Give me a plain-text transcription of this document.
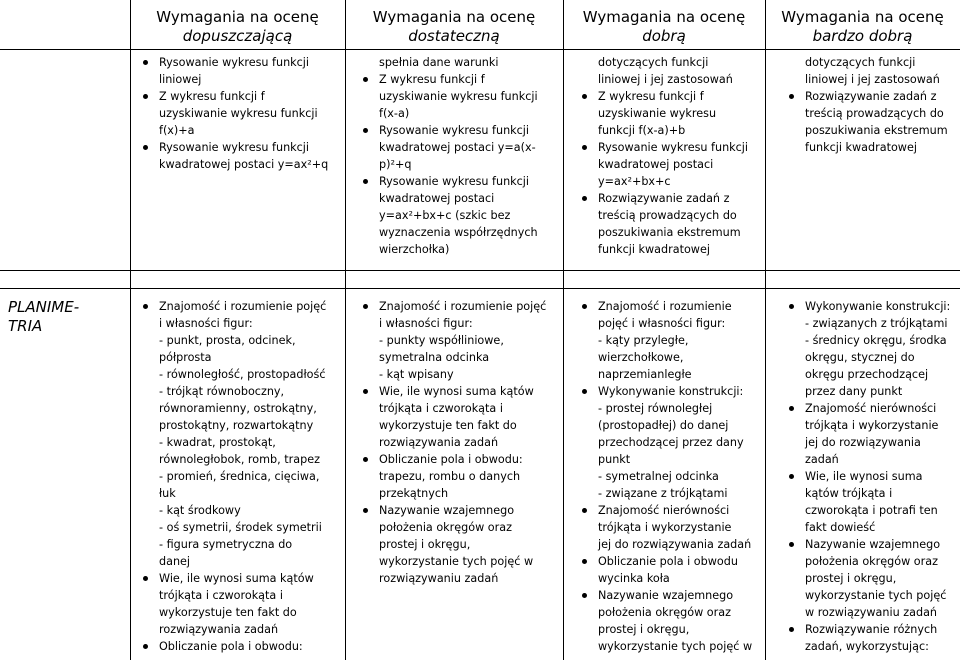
Wymagania na ocenę
dopuszczającą
Wymagania na ocenę
dostateczną
Wymagania na ocenę
dobrą
Wymagania na ocenę
bardzo dobrą
PLANIME-
TRIA
Rysowanie wykresu funkcji
liniowej
Z wykresu funkcji f
uzyskiwanie wykresu funkcji
f(x)+a
Rysowanie wykresu funkcji
kwadratowej postaci y=ax²+q
spełnia dane warunki
Z wykresu funkcji f
uzyskiwanie wykresu funkcji
f(x-a)
Rysowanie wykresu funkcji
kwadratowej postaci y=a(x-
p)²+q
Rysowanie wykresu funkcji
kwadratowej postaci
y=ax²+bx+c (szkic bez
wyznaczenia współrzędnych
wierzchołka)
dotyczących funkcji
liniowej i jej zastosowań
Z wykresu funkcji f
uzyskiwanie wykresu
funkcji f(x-a)+b
Rysowanie wykresu funkcji
kwadratowej postaci
y=ax²+bx+c
Rozwiązywanie zadań z
treścią prowadzących do
poszukiwania ekstremum
funkcji kwadratowej
dotyczących funkcji
liniowej i jej zastosowań
Rozwiązywanie zadań z
treścią prowadzących do
poszukiwania ekstremum
funkcji kwadratowej
Znajomość i rozumienie pojęć
i własności figur:
- punkt, prosta, odcinek,
półprosta
- równoległość, prostopadłość
- trójkąt równoboczny,
równoramienny, ostrokątny,
prostokątny, rozwartokątny
- kwadrat, prostokąt,
równoległobok, romb, trapez
- promień, średnica, cięciwa,
łuk
- kąt środkowy
- oś symetrii, środek symetrii
- figura symetryczna do
danej
Wie, ile wynosi suma kątów
trójkąta i czworokąta i
wykorzystuje ten fakt do
rozwiązywania zadań
Obliczanie pola i obwodu:
Znajomość i rozumienie pojęć
i własności figur:
- punkty współliniowe,
symetralna odcinka
- kąt wpisany
Wie, ile wynosi suma kątów
trójkąta i czworokąta i
wykorzystuje ten fakt do
rozwiązywania zadań
Obliczanie pola i obwodu:
trapezu, rombu o danych
przekątnych
Nazywanie wzajemnego
położenia okręgów oraz
prostej i okręgu,
wykorzystanie tych pojęć w
rozwiązywaniu zadań
Znajomość i rozumienie
pojęć i własności figur:
- kąty przyległe,
wierzchołkowe,
naprzemianległe
Wykonywanie konstrukcji:
- prostej równoległej
(prostopadłej) do danej
przechodzącej przez dany
punkt
- symetralnej odcinka
- związane z trójkątami
Znajomość nierówności
trójkąta i wykorzystanie
jej do rozwiązywania zadań
Obliczanie pola i obwodu
wycinka koła
Nazywanie wzajemnego
położenia okręgów oraz
prostej i okręgu,
wykorzystanie tych pojęć w
Wykonywanie konstrukcji:
- związanych z trójkątami
- średnicy okręgu, środka
okręgu, stycznej do
okręgu przechodzącej
przez dany punkt
Znajomość nierówności
trójkąta i wykorzystanie
jej do rozwiązywania
zadań
Wie, ile wynosi suma
kątów trójkąta i
czworokąta i potrafi ten
fakt dowieść
Nazywanie wzajemnego
położenia okręgów oraz
prostej i okręgu,
wykorzystanie tych pojęć
w rozwiązywaniu zadań
Rozwiązywanie różnych
zadań, wykorzystując:
